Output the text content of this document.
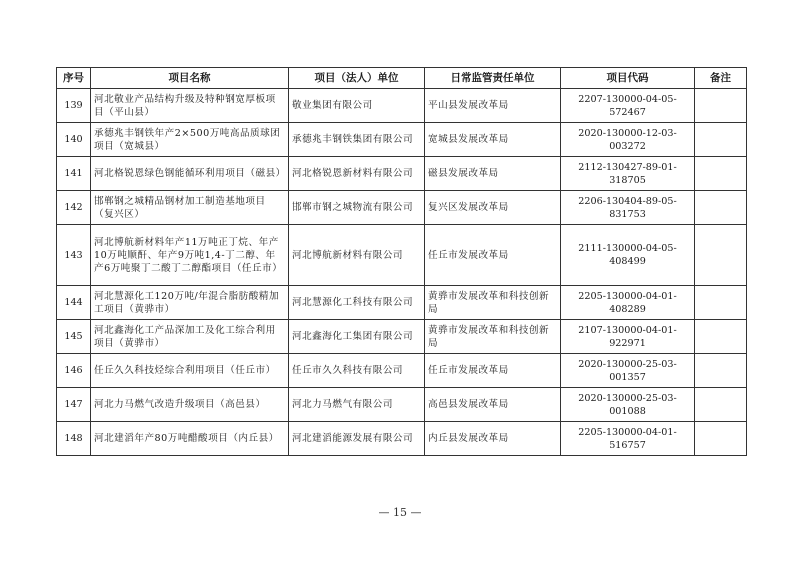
序号	项目名称	项目（法人）单位	日常监管责任单位	项目代码	备注
139	河北敬业产品结构升级及特种钢宽厚板项目（平山县）	敬业集团有限公司	平山县发展改革局	2207-130000-04-05-572467	
140	承德兆丰钢铁年产2×500万吨高品质球团项目（宽城县）	承德兆丰钢铁集团有限公司	宽城县发展改革局	2020-130000-12-03-003272	
141	河北格锐恩绿色钢能循环利用项目（磁县）	河北格锐恩新材料有限公司	磁县发展改革局	2112-130427-89-01-318705	
142	邯郸钢之城精品钢材加工制造基地项目（复兴区）	邯郸市钢之城物流有限公司	复兴区发展改革局	2206-130404-89-05-831753	
143	河北博航新材料年产11万吨正丁烷、年产10万吨顺酐、年产9万吨1,4-丁二醇、年产6万吨聚丁二酸丁二醇酯项目（任丘市）	河北博航新材料有限公司	任丘市发展改革局	2111-130000-04-05-408499	
144	河北慧源化工120万吨/年混合脂肪酸精加工项目（黄骅市）	河北慧源化工科技有限公司	黄骅市发展改革和科技创新局	2205-130000-04-01-408289	
145	河北鑫海化工产品深加工及化工综合利用项目（黄骅市）	河北鑫海化工集团有限公司	黄骅市发展改革和科技创新局	2107-130000-04-01-922971	
146	任丘久久科技烃综合利用项目（任丘市）	任丘市久久科技有限公司	任丘市发展改革局	2020-130000-25-03-001357	
147	河北力马燃气改造升级项目（高邑县）	河北力马燃气有限公司	高邑县发展改革局	2020-130000-25-03-001088	
148	河北建滔年产80万吨醋酸项目（内丘县）	河北建滔能源发展有限公司	内丘县发展改革局	2205-130000-04-01-516757	
— 15 —
